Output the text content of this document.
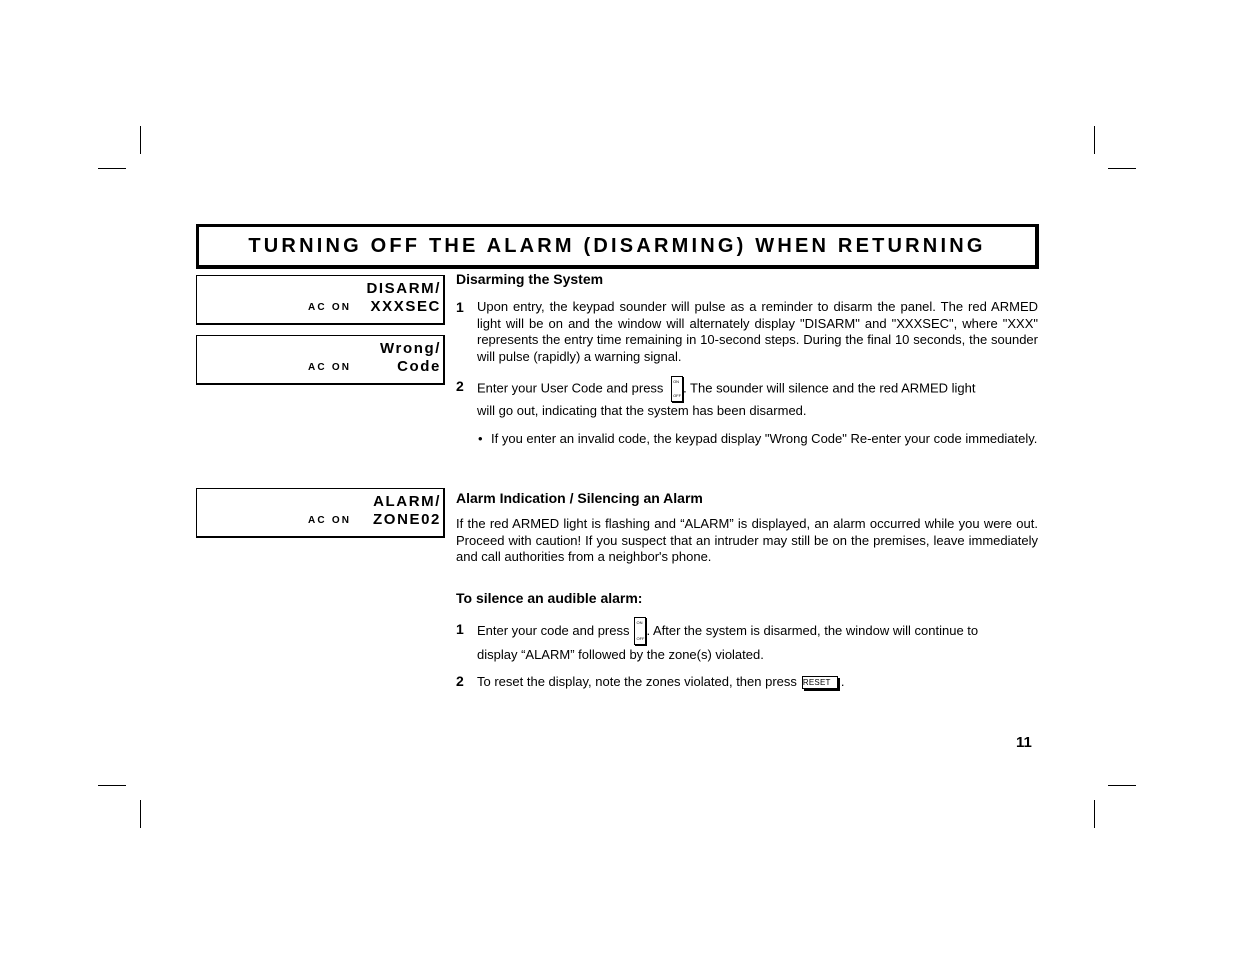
TURNING OFF THE ALARM (DISARMING) WHEN RETURNING
AC ON
DISARM/
XXXSEC
AC ON
Wrong/
Code
AC ON
ALARM/
ZONE02
Disarming the System
1 Upon entry, the keypad sounder will pulse as a reminder to disarm the panel. The red ARMED light will be on and the window will alternately display "DISARM" and "XXXSEC", where "XXX" represents the entry time remaining in 10-second steps. During the final 10 seconds, the sounder will pulse (rapidly) a warning signal.
2 Enter your User Code and press ON
OFF
. The sounder will silence and the red ARMED light
will go out, indicating that the system has been disarmed.
• If you enter an invalid code, the keypad display "Wrong Code" Re-enter your code immediately.
Alarm Indication / Silencing an Alarm
If the red ARMED light is flashing and “ALARM” is displayed, an alarm occurred while you were out. Proceed with caution! If you suspect that an intruder may still be on the premises, leave immediately and call authorities from a neighbor's phone.
To silence an audible alarm:
1 Enter your code and press
ON
OFF
. After the system is disarmed, the window will continue to
display “ALARM” followed by the zone(s) violated.
2 To reset the display, note the zones violated, then press RESET .
11
